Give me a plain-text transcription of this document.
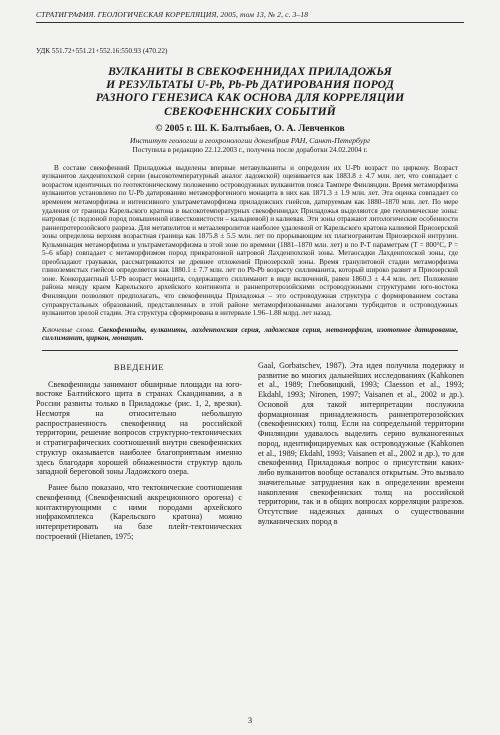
СТРАТИГРАФИЯ. ГЕОЛОГИЧЕСКАЯ КОРРЕЛЯЦИЯ, 2005, том 13, № 2, с. 3–18
УДК 551.72+551.21+552.16:550.93 (470.22)
ВУЛКАНИТЫ В СВЕКОФЕННИДАХ ПРИЛАДОЖЬЯ
И РЕЗУЛЬТАТЫ U-Pb, Pb-Pb ДАТИРОВАНИЯ ПОРОД
РАЗНОГО ГЕНЕЗИСА КАК ОСНОВА ДЛЯ КОРРЕЛЯЦИИ
СВЕКОФЕННСКИХ СОБЫТИЙ
© 2005 г. Ш. К. Балтыбаев, О. А. Левченков
Институт геологии и геохронологии докембрия РАН, Санкт-Петербург
Поступила в редакцию 22.12.2003 г., получена после доработки 24.02.2004 г.
В составе свекофенний Приладожья выделены впервые метавулканиты и определен их U-Pb возраст по циркону. Возраст вулканитов лахденпохской серии (высокотемпературный аналог ладожской) оценивается как 1883.8 ± 4.7 млн. лет, что совпадает с возрастом идентичных по геотектоническому положению островодужных вулканитов пояса Тампере Финляндии. Время метаморфизма вулканитов установлено по U-Pb датированию метаморфогенного монацита в них как 1871.3 ± 1.9 млн. лет. Эта оценка совпадает со временем метаморфизма и интенсивного ультраметаморфизма приладожских гнейсов, датируемым как 1880–1870 млн. лет. По мере удаления от границы Карельского кратона в высокотемпературных свекофеннидах Приладожья выделяются две геохимические зоны: натровая (с подзоной пород повышенной известковистости – кальциевой) и калиевая. Эти зоны отражают литологические особенности раннепротерозойского разреза. Для метапелитов и метаалевролитов наиболее удаленной от Карельского кратона калиевой Приозерской зоны определена верхняя возрастная граница как 1875.8 ± 5.5 млн. лет по прорывающим их плагиогранитам Приозерской интрузии. Кульминация метаморфизма и ультраметаморфизма в этой зоне по времени (1881–1870 млн. лет) и по P-T параметрам (T = 800°C, P = 5–6 кбар) совпадает с метаморфизмом пород прикратонной натровой Лахденпохской зоны. Метаосадки Лахденпохской зоны, где преобладают граувакки, рассматриваются не древнее отложений Приозерской зоны. Время гранулитовой стадии метаморфизма глиноземистых гнейсов определяется как 1880.1 ± 7.7 млн. лет по Pb-Pb возрасту силлиманита, который широко развит в Приозерской зоне. Конкордантный U-Pb возраст монацита, содержащего силлиманит в виде включений, равен 1860.3 ± 4.4 млн. лет. Положение района между краем Карельского архейского континента и раннепротерозойскими островодужными структурами юго-востока Финляндии позволяют предполагать, что свекофенниды Приладожья – это островодужная структура с формированием состава супракрустальных образований, представленных в этой районе метаморфизованными аналогами турбидитов и островодужных вулканитов зрелой стадии. Эта структура сформирована в интервале 1.96–1.88 млрд. лет назад.
Ключевые слова. Свекофенниды, вулканиты, лахденпохская серия, ладожская серия, метаморфизм, изотопное датирование, силлиманит, циркон, монацит.
ВВЕДЕНИЕ

Свекофенниды занимают обширные площади на юго-востоке Балтийского щита в странах Скандинавии, а в России развиты только в Приладожье (рис. 1, 2, врезки). Несмотря на относительно небольшую распространенность свекофеннид на российской территории, решение вопросов структурно-тектонических и стратиграфических соотношений внутри свекофеннских структур оказывается наиболее благоприятным именно здесь благодаря хорошей обнаженности структур вдоль западной береговой зоны Ладожского озера.

Ранее было показано, что тектонические соотношения свекофеннид (Свекофеннский аккреционного орогена) с контактирующими с ними породами архейского инфракомплекса (Карельского кратона) можно интерпретировать на базе плейт-тектонических построений (Hietanen, 1975;

Gaal, Gorbatschev, 1987). Эта идея получила подержку и развитие во многих дальнейших исследованиях (Kahkonen et al., 1989; Глебовицкий, 1993; Claesson et al., 1993; Ekdahl, 1993; Nironen, 1997; Vaisanen et al., 2002 и др.). Основой для такой интерпретации послужила формационная принадлежность раннепротерозойских (свекофеннских) толщ. Если на сопредельной территории Финляндии удавалось выделить серию вулканогенных пород, идентифицируемых как островодужные (Kahkonen et al., 1989; Ekdahl, 1993; Vaisanen et al., 2002 и др.), то для свекофеннид Приладожья вопрос о присутствии каких-либо вулканитов вообще оставался открытым. Это вызвало значительные затруднения как в определении времени накопления свекофеннских толщ на российской территории, так и в общих вопросах корреляции разрезов. Отсутствие надежных данных о существовании вулканических пород в

3
